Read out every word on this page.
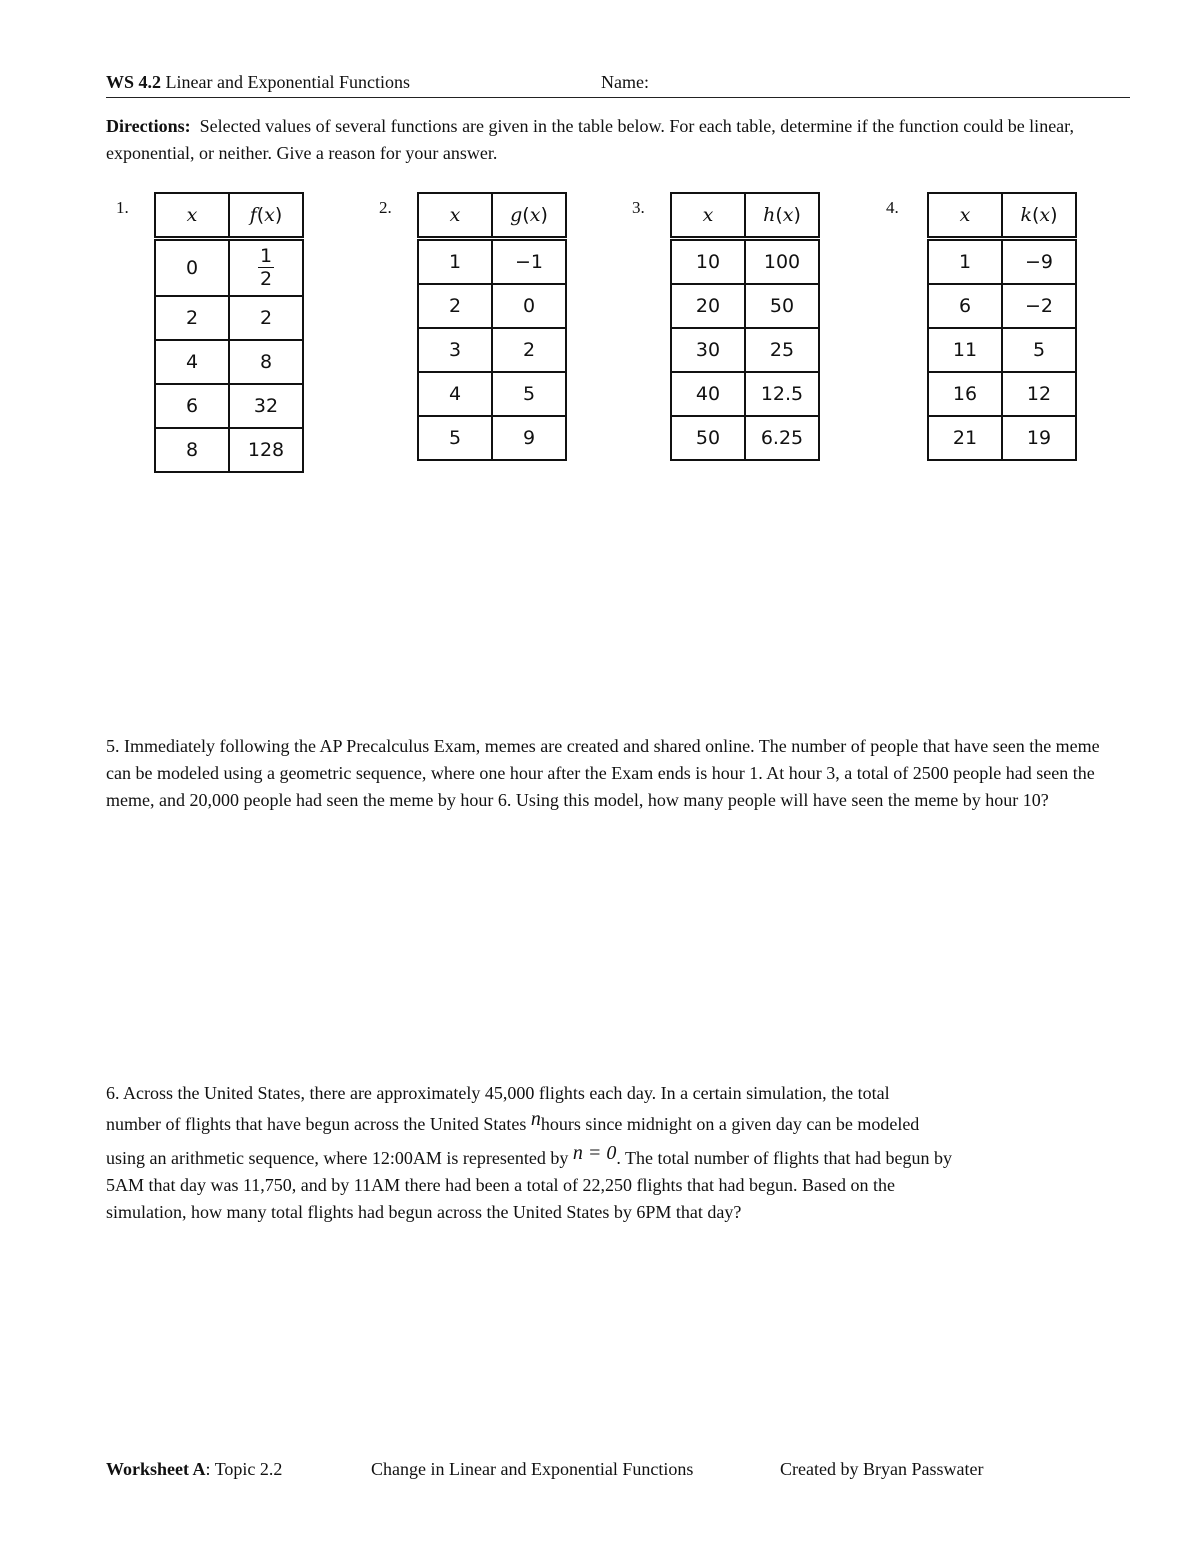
WS 4.2 Linear and Exponential Functions	Name:
Directions: Selected values of several functions are given in the table below. For each table, determine if the function could be linear, exponential, or neither. Give a reason for your answer.
1.	x	f(x)
0	$\frac{1}{2}$

2	2
4	8
6	32
8	128
2.	x	g(x)
1	−1
2	0
3	2
4	5
5	9
3.	x	h(x)
10	100
20	50
30	25
40	12.5
50	6.25
4.	x	k(x)
1	−9
6	−2
11	5
16	12
21	19
5. Immediately following the AP Precalculus Exam, memes are created and shared online. The number of people that have seen the meme can be modeled using a geometric sequence, where one hour after the Exam ends is hour 1. At hour 3, a total of 2500 people had seen the meme, and 20,000 people had seen the meme by hour 6. Using this model, how many people will have seen the meme by hour 10?
6. Across the United States, there are approximately 45,000 flights each day. In a certain simulation, the total
number of flights that have begun across the United States nhours since midnight on a given day can be modeled
using an arithmetic sequence, where 12:00AM is represented by n = 0. The total number of flights that had begun by
5AM that day was 11,750, and by 11AM there had been a total of 22,250 flights that had begun. Based on the
simulation, how many total flights had begun across the United States by 6PM that day?
Worksheet A: Topic 2.2	Change in Linear and Exponential Functions	Created by Bryan Passwater
